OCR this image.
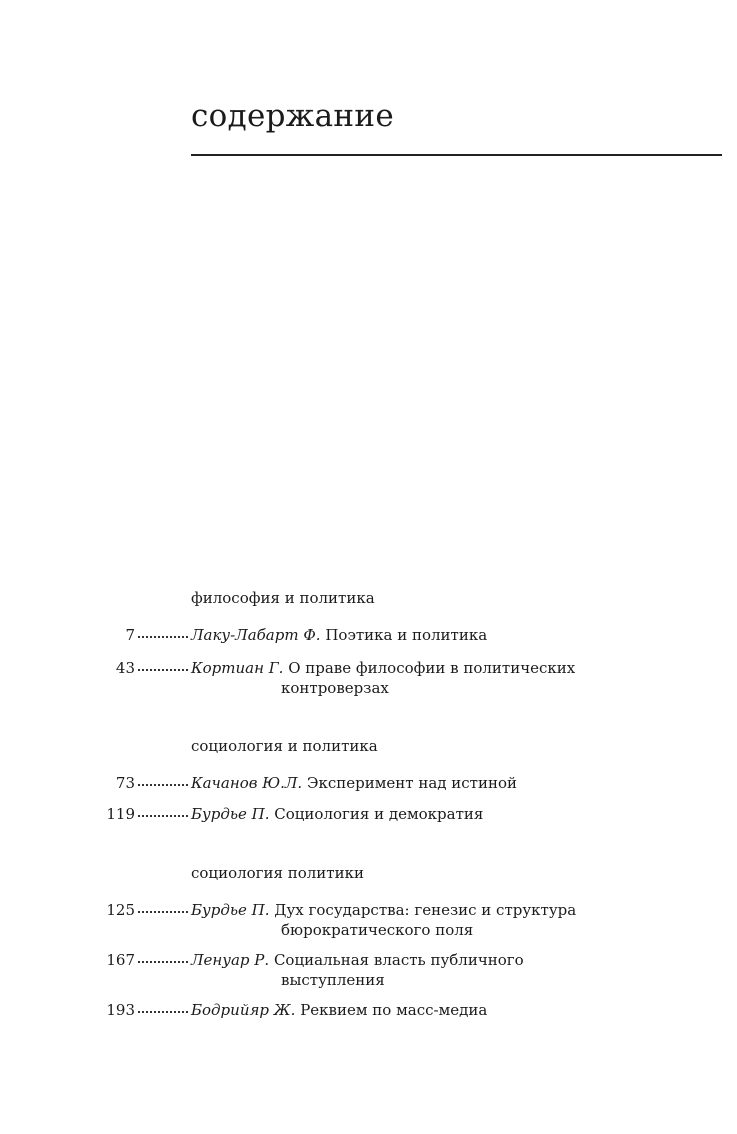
содержание
философия и политика
7	Лаку-Лабарт Ф. Поэтика и политика
43	Кортиан Г. О праве философии в политических
контроверзах
социология и политика
73	Качанов Ю.Л. Эксперимент над истиной
119	Бурдье П. Социология и демократия
социология политики
125	Бурдье П. Дух государства: генезис и структура
бюрократического поля
167	Ленуар Р. Социальная власть публичного
выступления
193	Бодрийяр Ж. Реквием по масс-медиа
